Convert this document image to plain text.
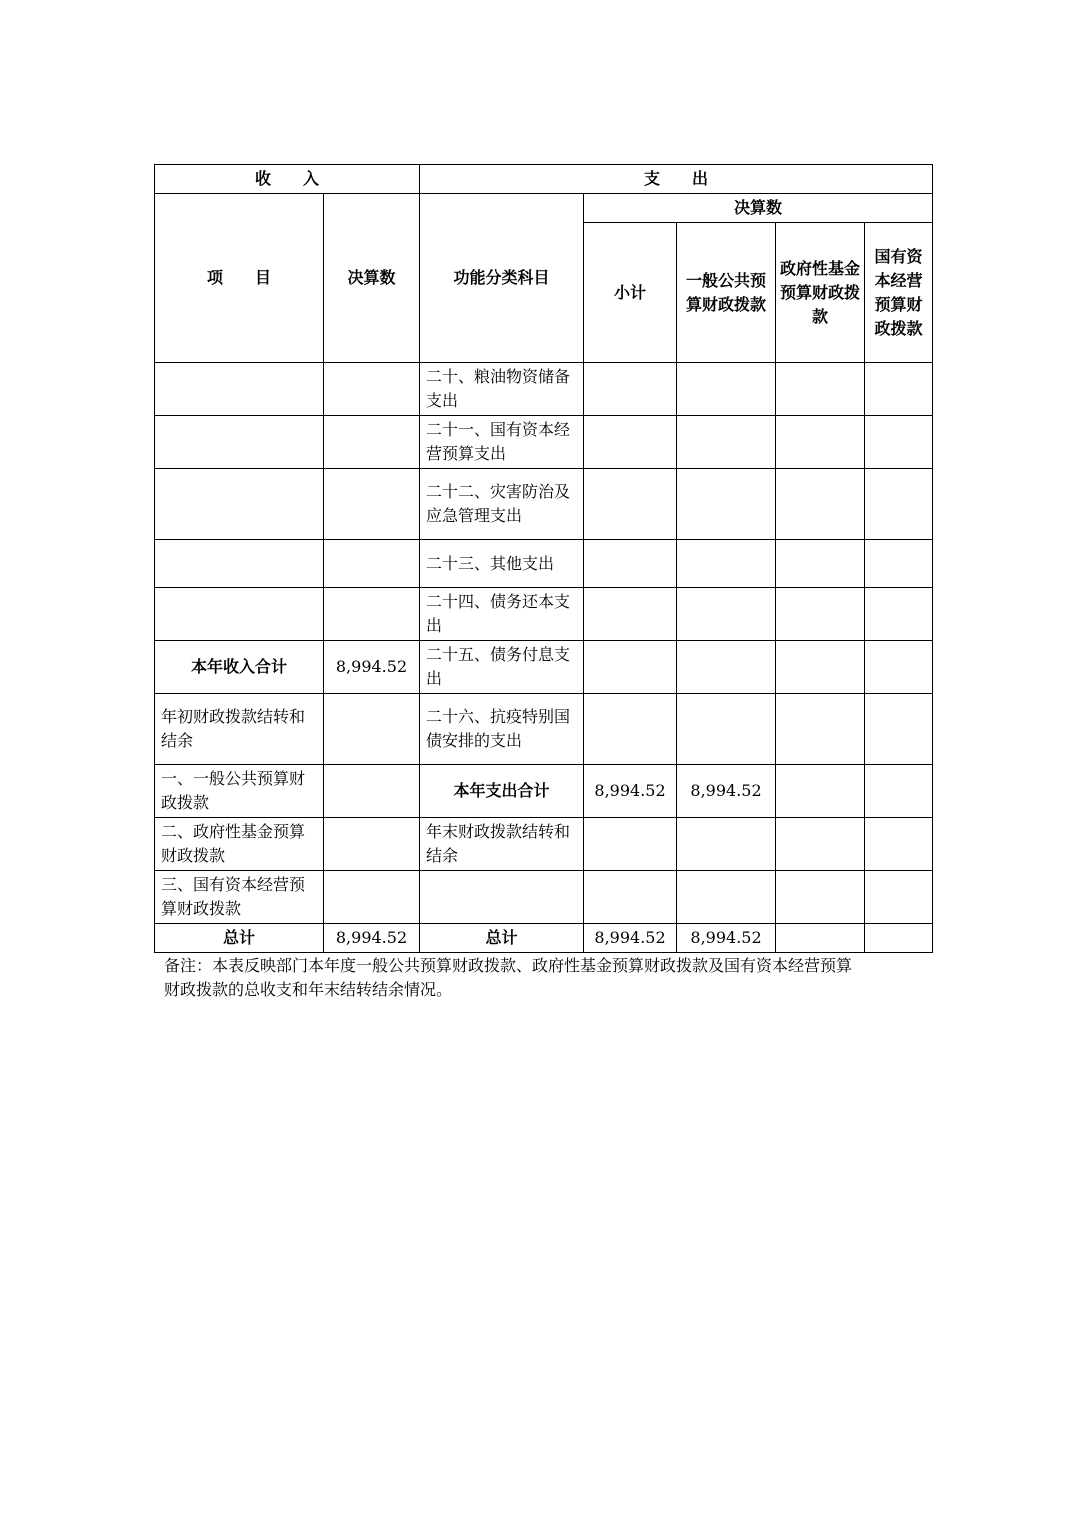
收　　入		支　　出				
项　　目	决算数	功能分类科目	决算数			
			小计	一般公共预算财政拨款	政府性基金预算财政拨款	国有资本经营预算财政拨款
		二十、粮油物资储备支出				
		二十一、国有资本经营预算支出				
		二十二、灾害防治及应急管理支出				
		二十三、其他支出				
		二十四、债务还本支出				
本年收入合计	8,994.52	二十五、债务付息支出				
年初财政拨款结转和结余		二十六、抗疫特别国债安排的支出				
一、一般公共预算财政拨款		本年支出合计	8,994.52	8,994.52		
二、政府性基金预算财政拨款		年末财政拨款结转和结余				
三、国有资本经营预算财政拨款						
总计	8,994.52	总计	8,994.52	8,994.52		
备注：本表反映部门本年度一般公共预算财政拨款、政府性基金预算财政拨款及国有资本经营预算财政拨款的总收支和年末结转结余情况。
